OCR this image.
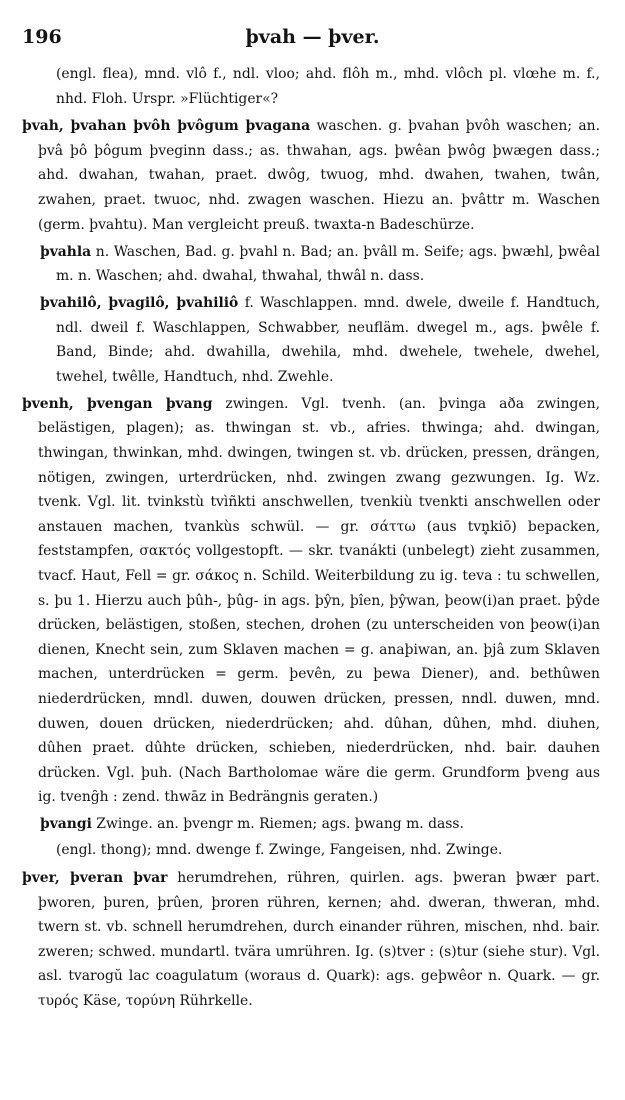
196	þvah — þver.

(engl. flea), mnd. vlô f., ndl. vloo; ahd. flôh m., mhd. vlôch pl. vlœhe m. f., nhd. Floh. Urspr. »Flüchtiger«?

þvah, þvahan þvôh þvôgum þvagana waschen. g. þvahan þvôh waschen; an. þvâ þô þôgum þveginn dass.; as. thwahan, ags. þwêan þwôg þwægen dass.; ahd. dwahan, twahan, praet. dwôg, twuog, mhd. dwahen, twahen, twân, zwahen, praet. twuoc, nhd. zwagen waschen. Hiezu an. þvâttr m. Waschen (germ. þvahtu). Man vergleicht preuß. twaxta-n Badeschürze.

þvahla n. Waschen, Bad. g. þvahl n. Bad; an. þvâll m. Seife; ags. þwæhl, þwêal m. n. Waschen; ahd. dwahal, thwahal, thwâl n. dass.

þvahilô, þvagilô, þvahiliô f. Waschlappen. mnd. dwele, dweile f. Handtuch, ndl. dweil f. Waschlappen, Schwabber, neufläm. dwegel m., ags. þwêle f. Band, Binde; ahd. dwahilla, dwehila, mhd. dwehele, twehele, dwehel, twehel, twêlle, Handtuch, nhd. Zwehle.

þvenh, þvengan þvang zwingen. Vgl. tvenh. (an. þvinga aða zwingen, belästigen, plagen); as. thwingan st. vb., afries. thwinga; ahd. dwingan, thwingan, thwinkan, mhd. dwingen, twingen st. vb. drücken, pressen, drängen, nötigen, zwingen, urterdrücken, nhd. zwingen zwang gezwungen. Ig. Wz. tvenk. Vgl. lit. tvinkstù tvìñkti anschwellen, tvenkiù tvenkti anschwellen oder anstauen machen, tvankùs schwül. — gr. σάττω (aus tvn̥kiō) bepacken, feststampfen, σακτός vollgestopft. — skr. tvanákti (unbelegt) zieht zusammen, tvacf. Haut, Fell = gr. σάκος n. Schild. Weiterbildung zu ig. teva : tu schwellen, s. þu 1. Hierzu auch þûh-, þûg- in ags. þŷn, þîen, þŷwan, þeow(i)an praet. þŷde drücken, belästigen, stoßen, stechen, drohen (zu unterscheiden von þeow(i)an dienen, Knecht sein, zum Sklaven machen = g. anaþiwan, an. þjâ zum Sklaven machen, unterdrücken = germ. þevên, zu þewa Diener), and. bethûwen niederdrücken, mndl. duwen, douwen drücken, pressen, nndl. duwen, mnd. duwen, douen drücken, niederdrücken; ahd. dûhan, dûhen, mhd. diuhen, dûhen praet. dûhte drücken, schieben, niederdrücken, nhd. bair. dauhen drücken. Vgl. þuh. (Nach Bartholomae wäre die germ. Grundform þveng aus ig. tveng̑h : zend. thwāz in Bedrängnis geraten.)

þvangi Zwinge. an. þvengr m. Riemen; ags. þwang m. dass.

(engl. thong); mnd. dwenge f. Zwinge, Fangeisen, nhd. Zwinge.

þver, þveran þvar herumdrehen, rühren, quirlen. ags. þweran þwær part. þworen, þuren, þrûen, þroren rühren, kernen; ahd. dweran, thweran, mhd. twern st. vb. schnell herumdrehen, durch einander rühren, mischen, nhd. bair. zweren; schwed. mundartl. tvära umrühren. Ig. (s)tver : (s)tur (siehe stur). Vgl. asl. tvarogŭ lac coagulatum (woraus d. Quark): ags. geþwêor n. Quark. — gr. τυρός Käse, τορύνη Rührkelle.
